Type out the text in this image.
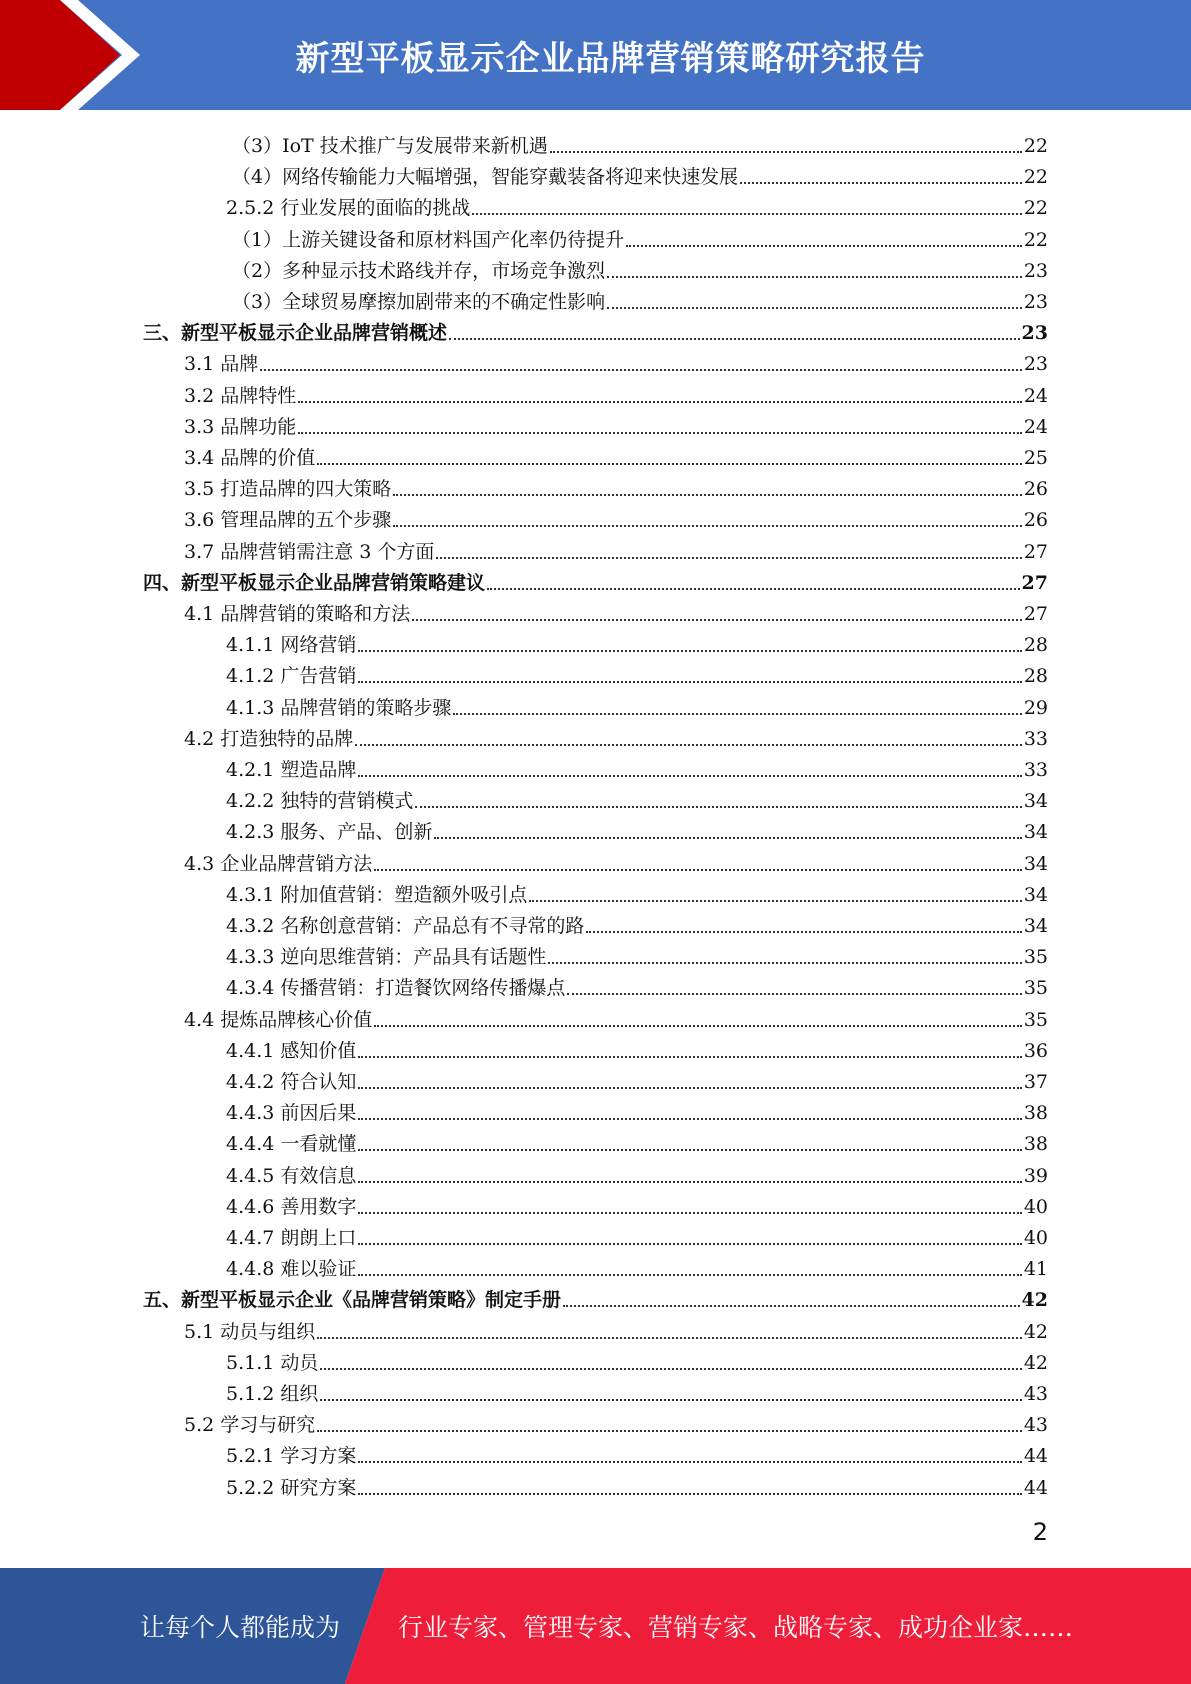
新型平板显示企业品牌营销策略研究报告
（3）IoT 技术推广与发展带来新机遇	22
（4）网络传输能力大幅增强，智能穿戴装备将迎来快速发展	22
2.5.2 行业发展的面临的挑战	22
（1）上游关键设备和原材料国产化率仍待提升	22
（2）多种显示技术路线并存，市场竞争激烈	23
（3）全球贸易摩擦加剧带来的不确定性影响	23
三、新型平板显示企业品牌营销概述	23
3.1 品牌	23
3.2 品牌特性	24
3.3 品牌功能	24
3.4 品牌的价值	25
3.5 打造品牌的四大策略	26
3.6 管理品牌的五个步骤	26
3.7 品牌营销需注意 3 个方面	27
四、新型平板显示企业品牌营销策略建议	27
4.1 品牌营销的策略和方法	27
4.1.1 网络营销	28
4.1.2 广告营销	28
4.1.3 品牌营销的策略步骤	29
4.2 打造独特的品牌	33
4.2.1 塑造品牌	33
4.2.2 独特的营销模式	34
4.2.3 服务、产品、创新	34
4.3 企业品牌营销方法	34
4.3.1 附加值营销：塑造额外吸引点	34
4.3.2 名称创意营销：产品总有不寻常的路	34
4.3.3 逆向思维营销：产品具有话题性	35
4.3.4 传播营销：打造餐饮网络传播爆点	35
4.4 提炼品牌核心价值	35
4.4.1 感知价值	36
4.4.2 符合认知	37
4.4.3 前因后果	38
4.4.4 一看就懂	38
4.4.5 有效信息	39
4.4.6 善用数字	40
4.4.7 朗朗上口	40
4.4.8 难以验证	41
五、新型平板显示企业《品牌营销策略》制定手册	42
5.1 动员与组织	42
5.1.1 动员	42
5.1.2 组织	43
5.2 学习与研究	43
5.2.1 学习方案	44
5.2.2 研究方案	44
2
让每个人都能成为 行业专家、管理专家、营销专家、战略专家、成功企业家……
